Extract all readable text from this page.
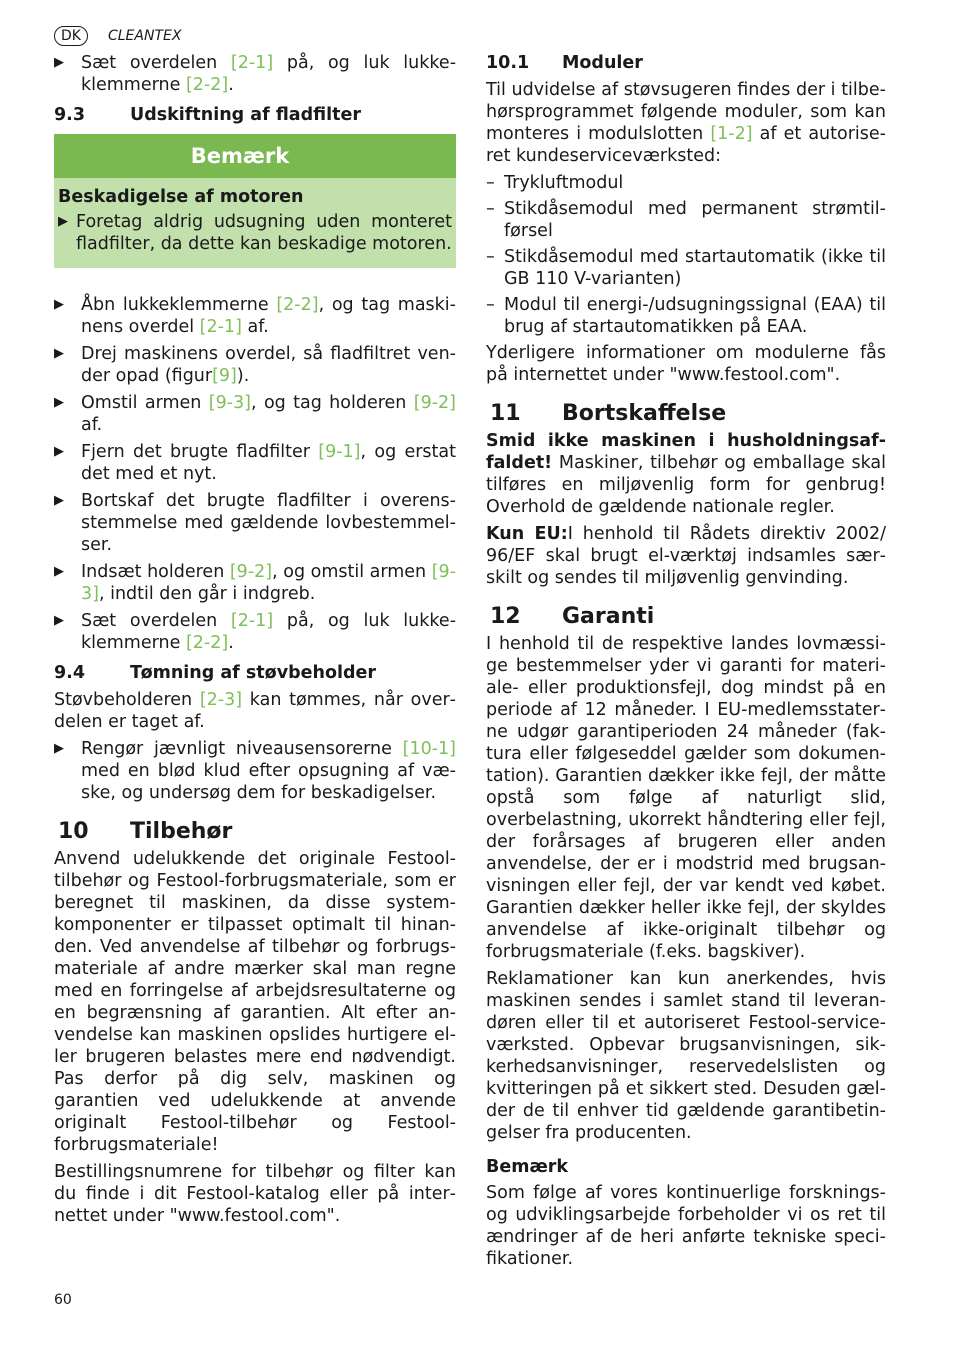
DK	CLEANTEX
▶ Sæt overdelen [2-1] på, og luk lukkeklemmerne [2-2].
9.3	Udskiftning af fladfilter
Bemærk
Beskadigelse af motoren
▶ Foretag aldrig udsugning uden monteret fladfilter, da dette kan beskadige motoren.
▶ Åbn lukkeklemmerne [2-2], og tag maskinens overdel [2-1] af.
▶ Drej maskinens overdel, så fladfiltret vender opad (figur[9]).
▶ Omstil armen [9-3], og tag holderen [9-2] af.
▶ Fjern det brugte fladfilter [9-1], og erstat det med et nyt.
▶ Bortskaf det brugte fladfilter i overensstemmelse med gældende lovbestemmelser.
▶ Indsæt holderen [9-2], og omstil armen [9-3], indtil den går i indgreb.
▶ Sæt overdelen [2-1] på, og luk lukkeklemmerne [2-2].
9.4	Tømning af støvbeholder

Støvbeholderen [2-3] kan tømmes, når overdelen er taget af.

▶ Rengør jævnligt niveausensorerne [10-1] med en blød klud efter opsugning af væske, og undersøg dem for beskadigelser.
10	Tilbehør

Anvend udelukkende det originale Festool-tilbehør og Festool-forbrugsmateriale, som er beregnet til maskinen, da disse systemkomponenter er tilpasset optimalt til hinanden. Ved anvendelse af tilbehør og forbrugsmateriale af andre mærker skal man regne med en forringelse af arbejdsresultaterne og en begrænsning af garantien. Alt efter anvendelse kan maskinen opslides hurtigere eller brugeren belastes mere end nødvendigt. Pas derfor på dig selv, maskinen og garantien ved udelukkende at anvende originalt Festool-tilbehør og Festool-forbrugsmateriale!

Bestillingsnumrene for tilbehør og filter kan du finde i dit Festool-katalog eller på internettet under "www.festool.com".

10.1	Moduler

Til udvidelse af støvsugeren findes der i tilbehørsprogrammet følgende moduler, som kan monteres i modulslotten [1-2] af et autoriseret kundeserviceværksted:

– Trykluftmodul
– Stikdåsemodul med permanent strømtilførsel
– Stikdåsemodul med startautomatik (ikke til GB 110 V-varianten)
– Modul til energi-/udsugningssignal (EAA) til brug af startautomatikken på EAA.

Yderligere informationer om modulerne fås på internettet under "www.festool.com".

11	Bortskaffelse

Smid ikke maskinen i husholdningsaffaldet! Maskiner, tilbehør og emballage skal tilføres en miljøvenlig form for genbrug! Overhold de gældende nationale regler.

Kun EU:I henhold til Rådets direktiv 2002/ 96/EF skal brugt el-værktøj indsamles særskilt og sendes til miljøvenlig genvinding.

12	Garanti

I henhold til de respektive landes lovmæssige bestemmelser yder vi garanti for materiale- eller produktionsfejl, dog mindst på en periode af 12 måneder. I EU-medlemsstaterne udgør garantiperioden 24 måneder (faktura eller følgeseddel gælder som dokumentation). Garantien dækker ikke fejl, der måtte opstå som følge af naturligt slid, overbelastning, ukorrekt håndtering eller fejl, der forårsages af brugeren eller anden anvendelse, der er i modstrid med brugsanvisningen eller fejl, der var kendt ved købet. Garantien dækker heller ikke fejl, der skyldes anvendelse af ikke-originalt tilbehør og forbrugsmateriale (f.eks. bagskiver).

Reklamationer kan kun anerkendes, hvis maskinen sendes i samlet stand til leverandøren eller til et autoriseret Festool-serviceværksted. Opbevar brugsanvisningen, sikkerhedsanvisninger, reservedelslisten og kvitteringen på et sikkert sted. Desuden gælder de til enhver tid gældende garantibetingelser fra producenten.

Bemærk

Som følge af vores kontinuerlige forsknings- og udviklingsarbejde forbeholder vi os ret til ændringer af de heri anførte tekniske specifikationer.

60
